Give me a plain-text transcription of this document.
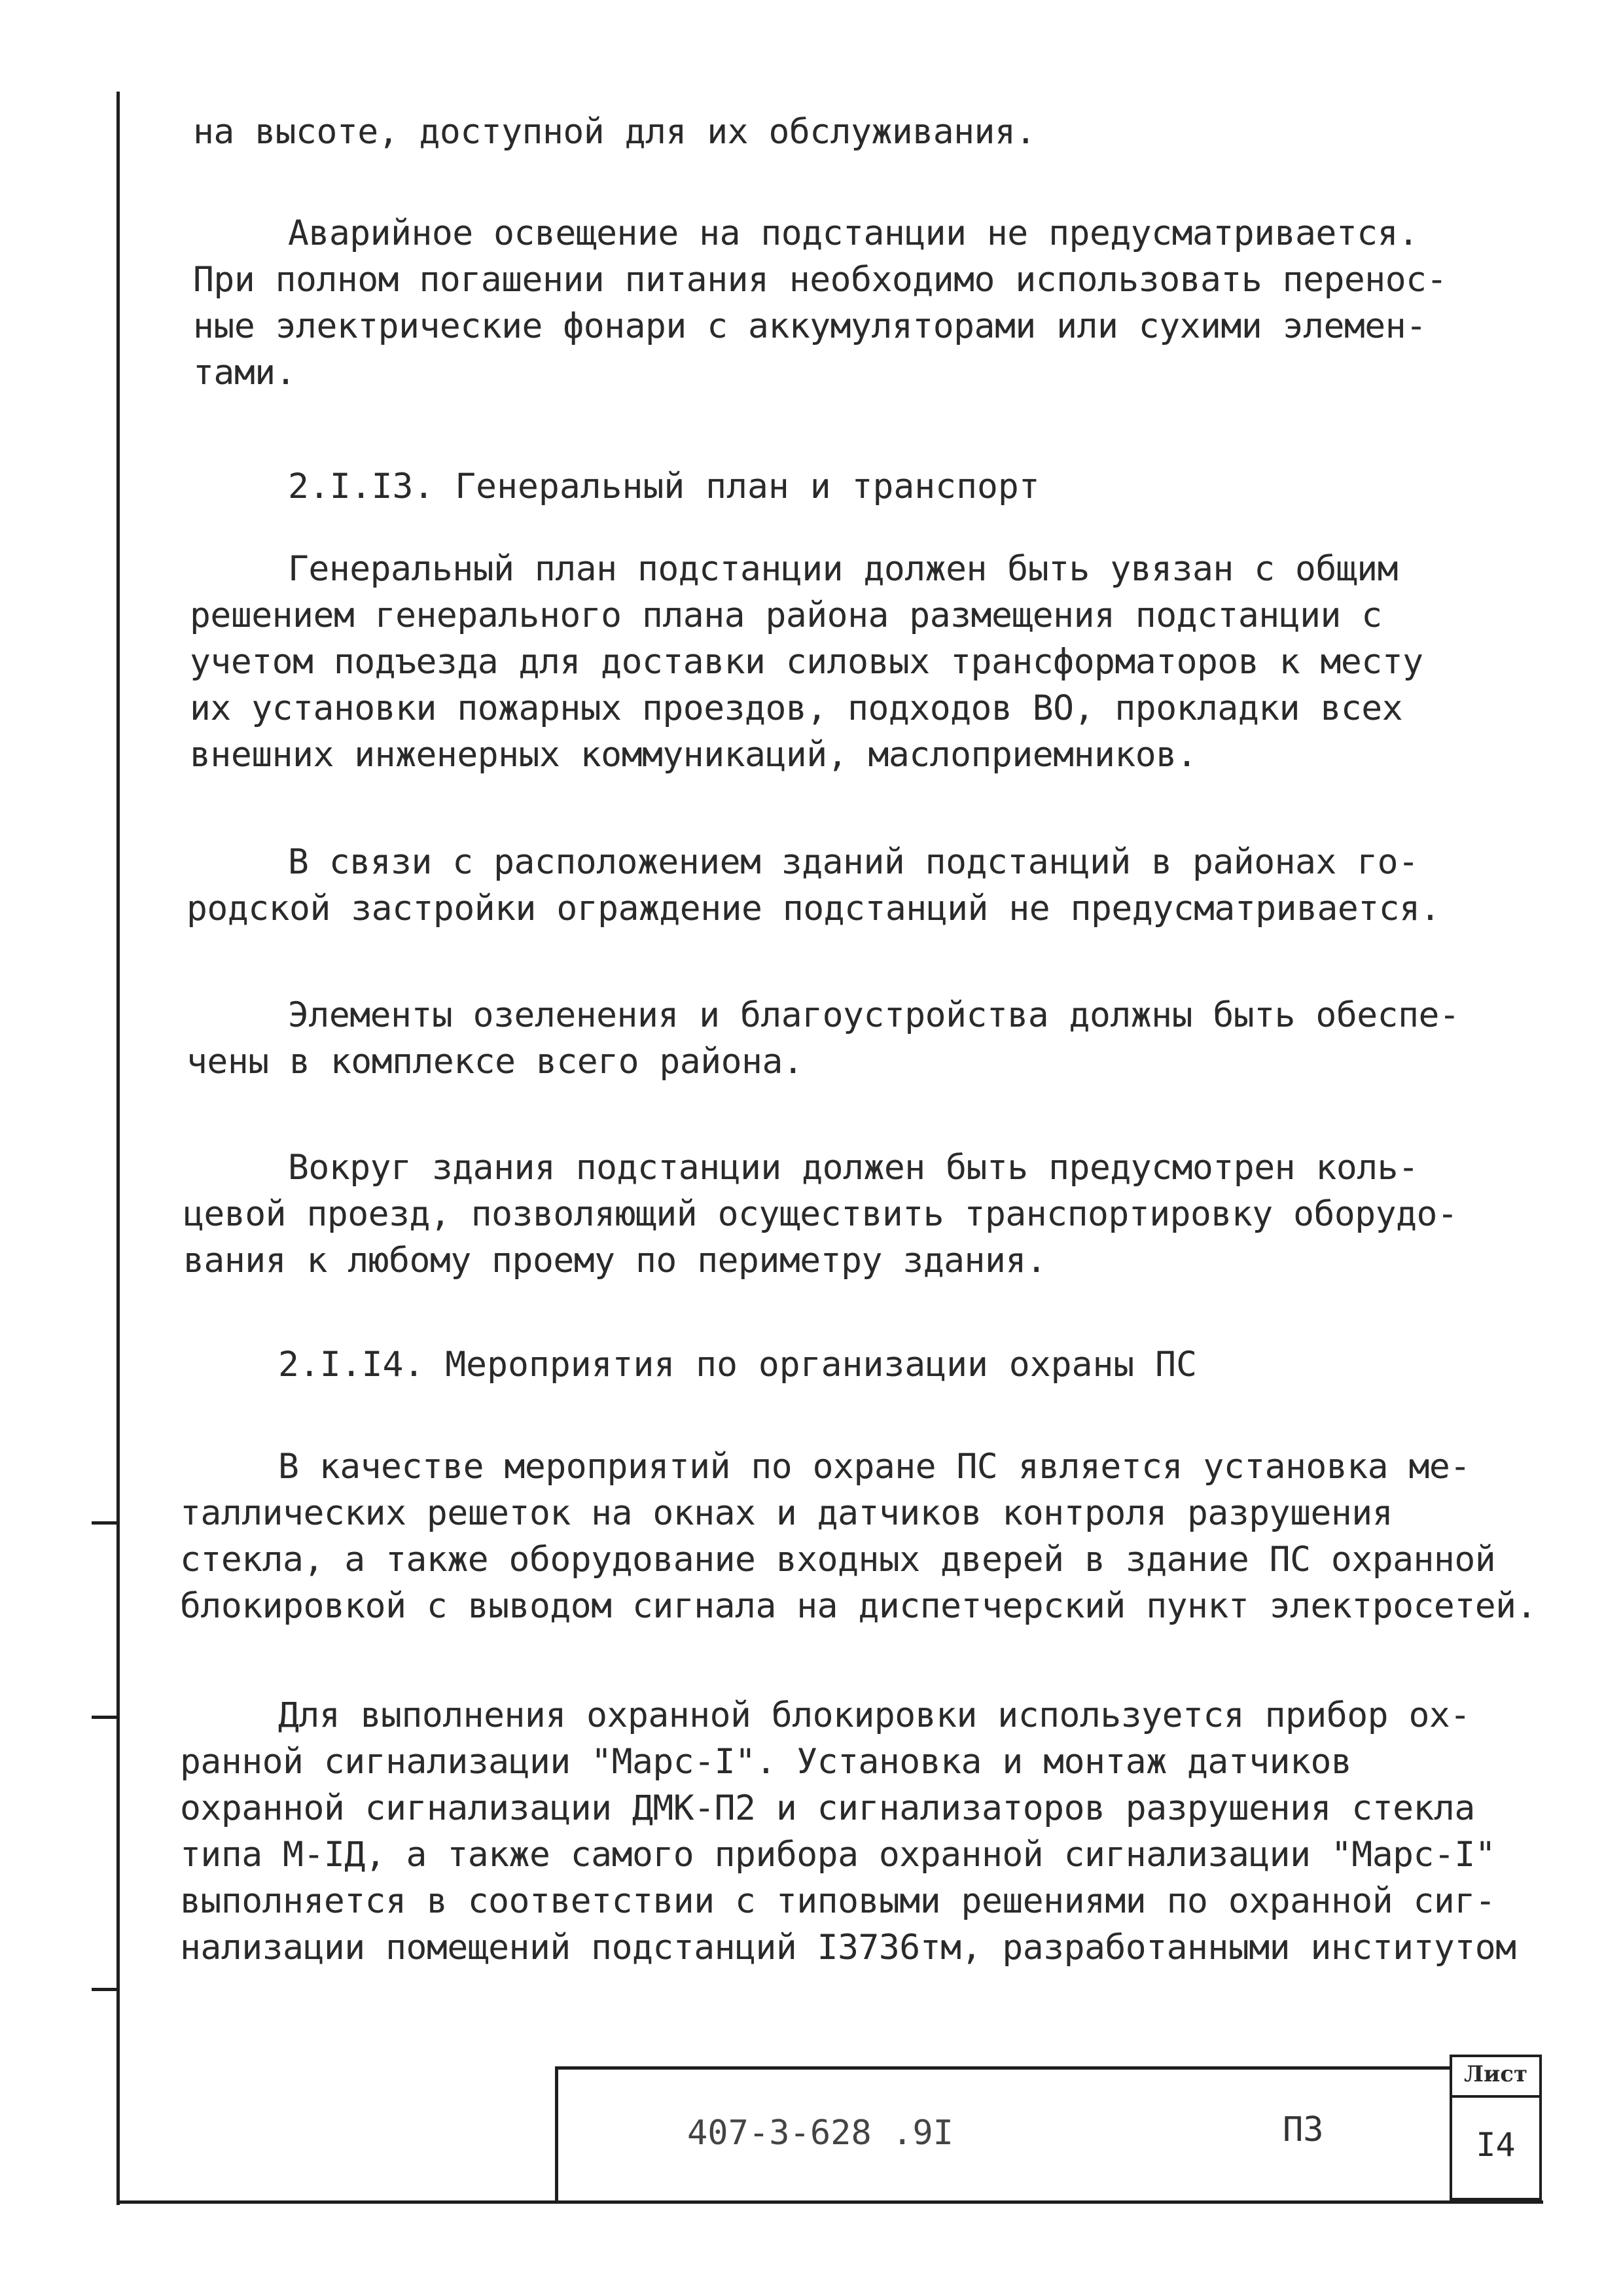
на высоте, доступной для их обслуживания.
Аварийное освещение на подстанции не предусматривается.
При полном погашении питания необходимо использовать перенос-
ные электрические фонари с аккумуляторами или сухими элемен-
тами.
2.I.I3. Генеральный план и транспорт
Генеральный план подстанции должен быть увязан с общим
решением генерального плана района размещения подстанции с
учетом подъезда для доставки силовых трансформаторов к месту
их установки пожарных проездов, подходов ВО, прокладки всех
внешних инженерных коммуникаций, маслоприемников.
В связи с расположением зданий подстанций в районах го-
родской застройки ограждение подстанций не предусматривается.
Элементы озеленения и благоустройства должны быть обеспе-
чены в комплексе всего района.
Вокруг здания подстанции должен быть предусмотрен коль-
цевой проезд, позволяющий осуществить транспортировку оборудо-
вания к любому проему по периметру здания.
2.I.I4. Мероприятия по организации охраны ПС
В качестве мероприятий по охране ПС является установка ме-
таллических решеток на окнах и датчиков контроля разрушения
стекла, а также оборудование входных дверей в здание ПС охранной
блокировкой с выводом сигнала на диспетчерский пункт электросетей.
Для выполнения охранной блокировки используется прибор ох-
ранной сигнализации "Марс-I". Установка и монтаж датчиков
охранной сигнализации ДМК-П2 и сигнализаторов разрушения стекла
типа М-ІД, а также самого прибора охранной сигнализации "Марс-I"
выполняется в соответствии с типовыми решениями по охранной сиг-
нализации помещений подстанций I3736тм, разработанными институтом
407-3-628 .9I	ПЗ
Лист
I4
